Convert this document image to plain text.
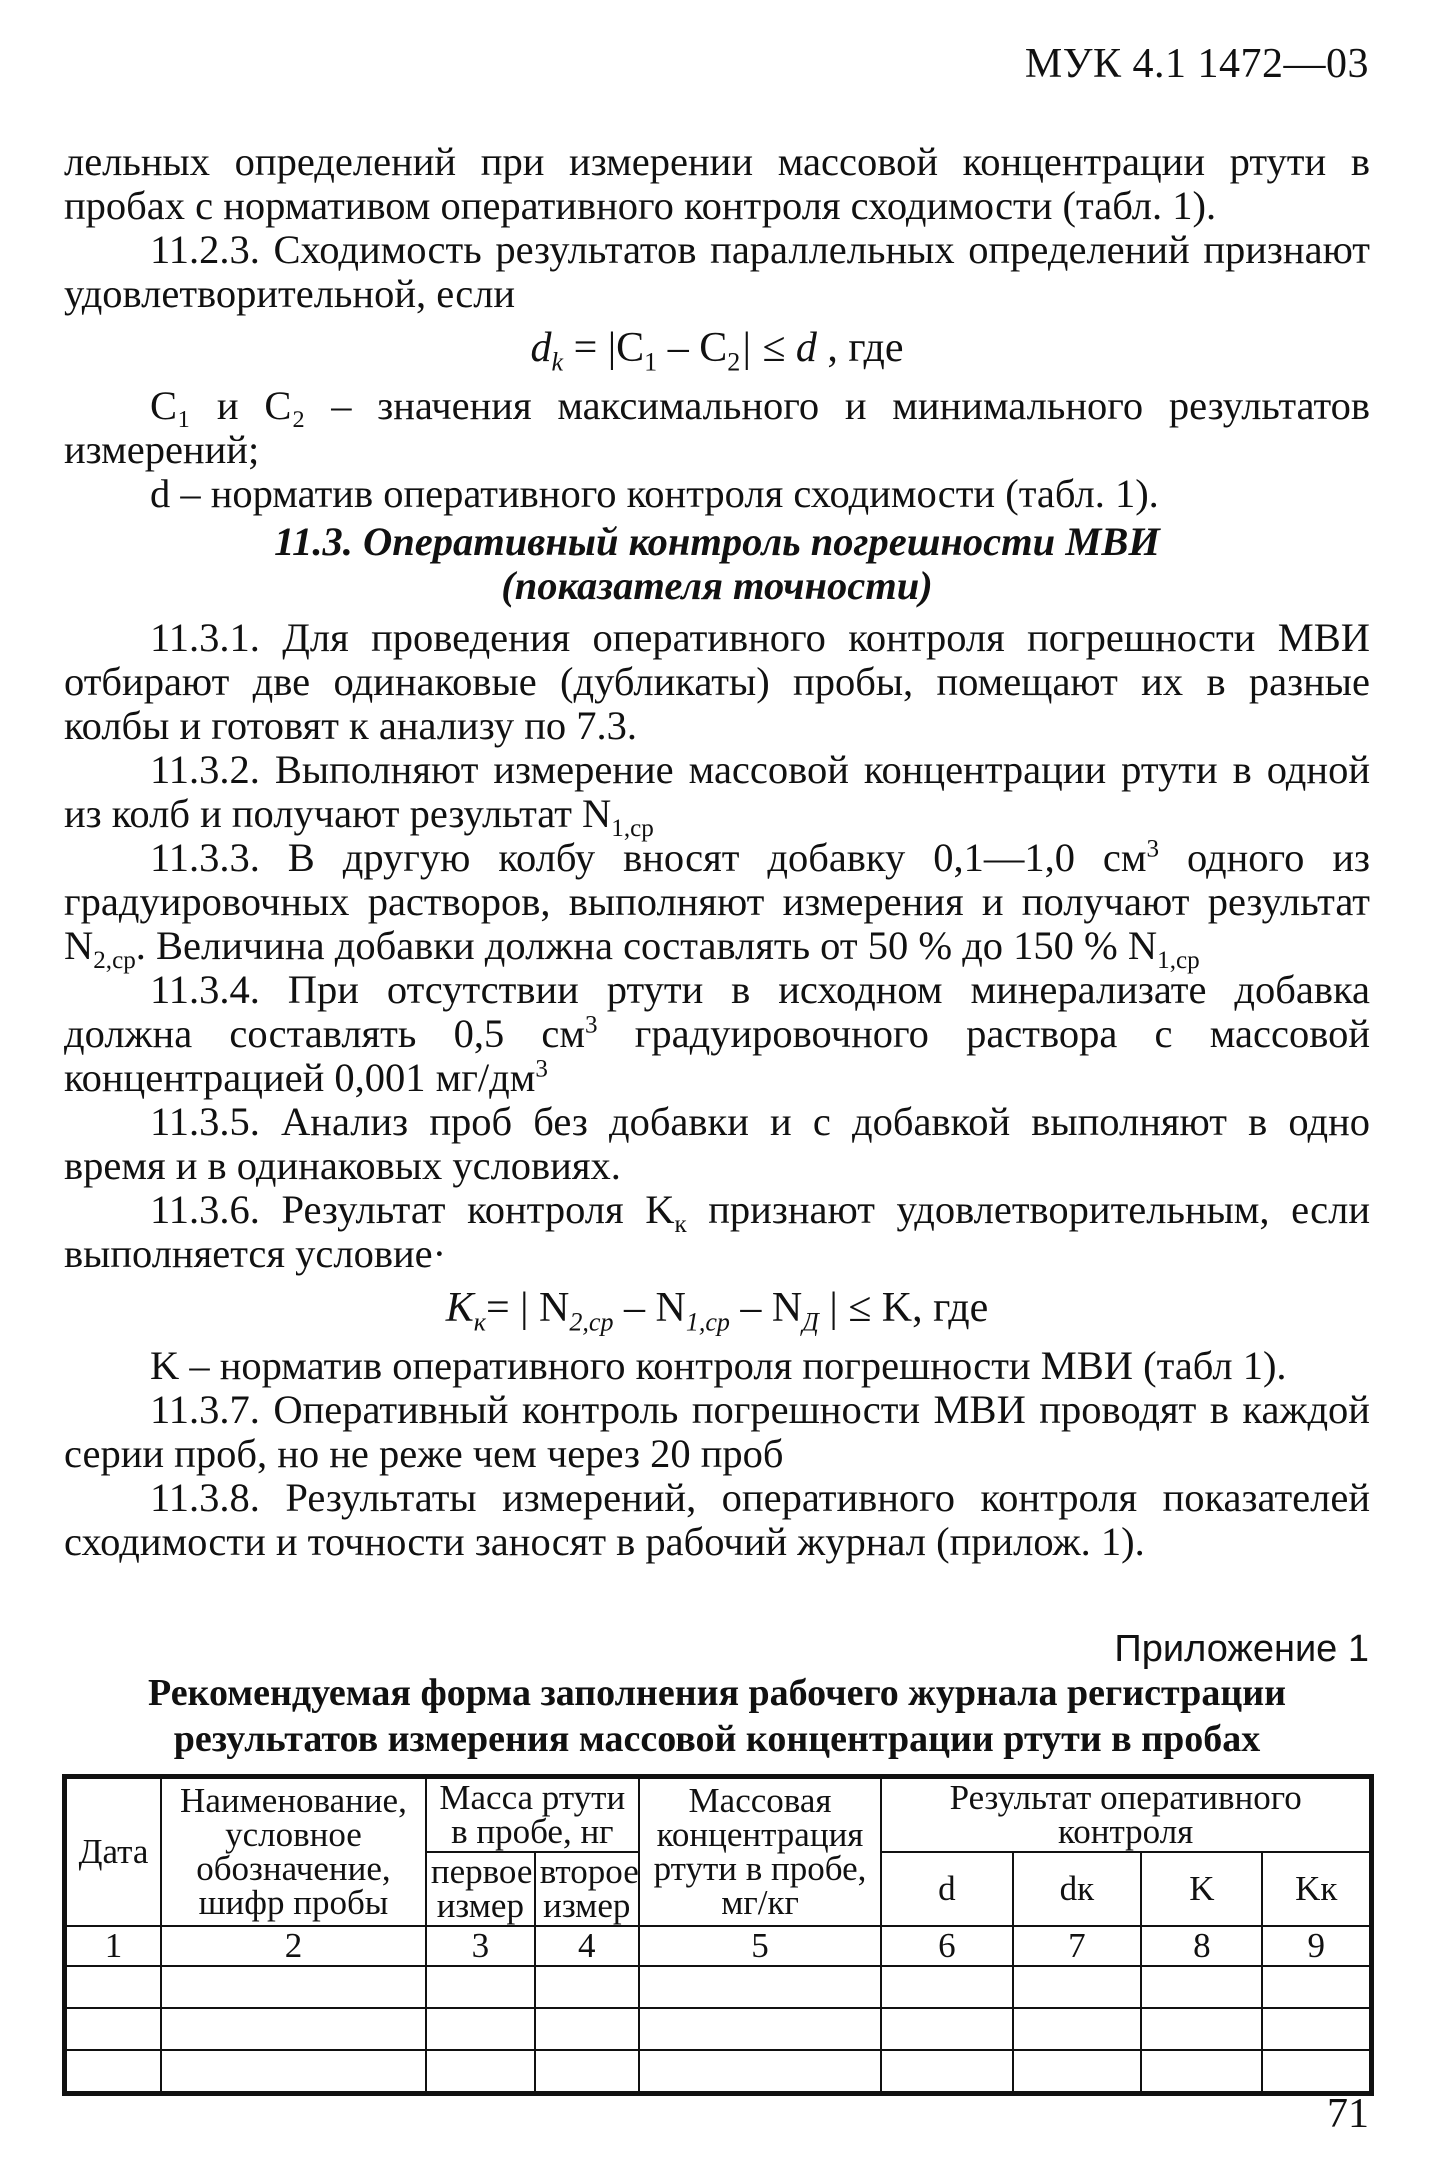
МУК 4.1 1472—03

лельных определений при измерении массовой концентрации ртути в пробах с нормативом оперативного контроля сходимости (табл. 1).

11.2.3. Сходимость результатов параллельных определений признают удовлетворительной, если

$d_k = |C_1 - C_2| \le d$ , где

C₁ и C₂ – значения максимального и минимального результатов измерений;

d – норматив оперативного контроля сходимости (табл. 1).

11.3. Оперативный контроль погрешности МВИ
(показателя точности)

11.3.1. Для проведения оперативного контроля погрешности МВИ отбирают две одинаковые (дубликаты) пробы, помещают их в разные колбы и готовят к анализу по 7.3.

11.3.2. Выполняют измерение массовой концентрации ртути в одной из колб и получают результат $N_{1,ср}$

11.3.3. В другую колбу вносят добавку 0,1—1,0 $см^3$ одного из градуировочных растворов, выполняют измерения и получают результат $N_{2,ср}$. Величина добавки должна составлять от 50 % до 150 % $N_{1,ср}$

11.3.4. При отсутствии ртути в исходном минерализате добавка должна составлять 0,5 $см^3$ градуировочного раствора с массовой концентрацией 0,001 $мг/дм^3$

11.3.5. Анализ проб без добавки и с добавкой выполняют в одно время и в одинаковых условиях.

11.3.6. Результат контроля $K_к$ признают удовлетворительным, если выполняется условие·

$K_к=$ | $N_{2,ср} - N_{1,ср} - N_Д$ | ≤ K, где

K – норматив оперативного контроля погрешности МВИ (табл 1).

11.3.7. Оперативный контроль погрешности МВИ проводят в каждой серии проб, но не реже чем через 20 проб

11.3.8. Результаты измерений, оперативного контроля показателей сходимости и точности заносят в рабочий журнал (прилож. 1).

Приложение 1
Рекомендуемая форма заполнения рабочего журнала регистрации
результатов измерения массовой концентрации ртути в пробах
Дата	Наименование, условное обозначение, шифр пробы	Масса ртути в пробе, нг		Массовая концентрация ртути в пробе, мг/кг	Результат оперативного контроля			
		первое измер	второе измер		d	dк	K	Kк
1	2	3	4	5	6	7	8	9

71
